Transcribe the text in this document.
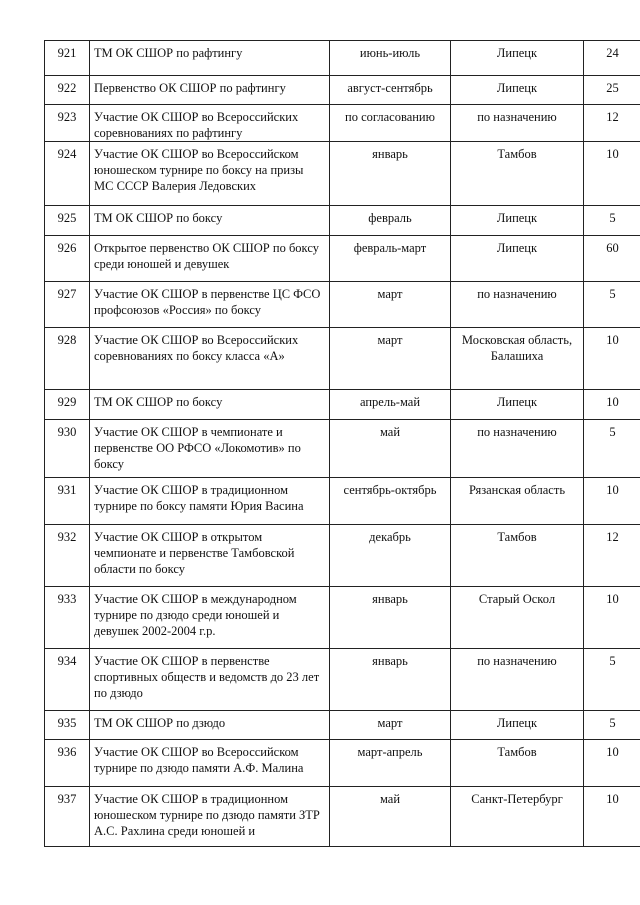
921	ТМ ОК СШОР по рафтингу	июнь-июль	Липецк	24
922	Первенство ОК СШОР по рафтингу	август-сентябрь	Липецк	25
923	Участие ОК СШОР во Всероссийских соревнованиях по рафтингу	по согласованию	по назначению	12
924	Участие ОК СШОР во Всероссийском юношеском турнире по боксу на призы МС СССР Валерия Ледовских	январь	Тамбов	10
925	ТМ ОК СШОР по боксу	февраль	Липецк	5
926	Открытое первенство ОК СШОР по боксу среди юношей и девушек	февраль-март	Липецк	60
927	Участие ОК СШОР в первенстве ЦС ФСО профсоюзов «Россия» по боксу	март	по назначению	5
928	Участие ОК СШОР во Всероссийских соревнованиях по боксу класса «А»	март	Московская область, Балашиха	10
929	ТМ ОК СШОР по боксу	апрель-май	Липецк	10
930	Участие ОК СШОР в чемпионате и первенстве ОО РФСО «Локомотив» по боксу	май	по назначению	5
931	Участие ОК СШОР в традиционном турнире по боксу памяти Юрия Васина	сентябрь-октябрь	Рязанская область	10
932	Участие ОК СШОР в открытом чемпионате и первенстве Тамбовской области по боксу	декабрь	Тамбов	12
933	Участие ОК СШОР в международном турнире по дзюдо среди юношей и девушек 2002-2004 г.р.	январь	Старый Оскол	10
934	Участие ОК СШОР в первенстве спортивных обществ и ведомств до 23 лет по дзюдо	январь	по назначению	5
935	ТМ ОК СШОР по дзюдо	март	Липецк	5
936	Участие ОК СШОР во Всероссийском турнире по дзюдо памяти А.Ф. Малина	март-апрель	Тамбов	10
937	Участие ОК СШОР в традиционном юношеском турнире по дзюдо памяти ЗТР А.С. Рахлина среди юношей и	май	Санкт-Петербург	10
